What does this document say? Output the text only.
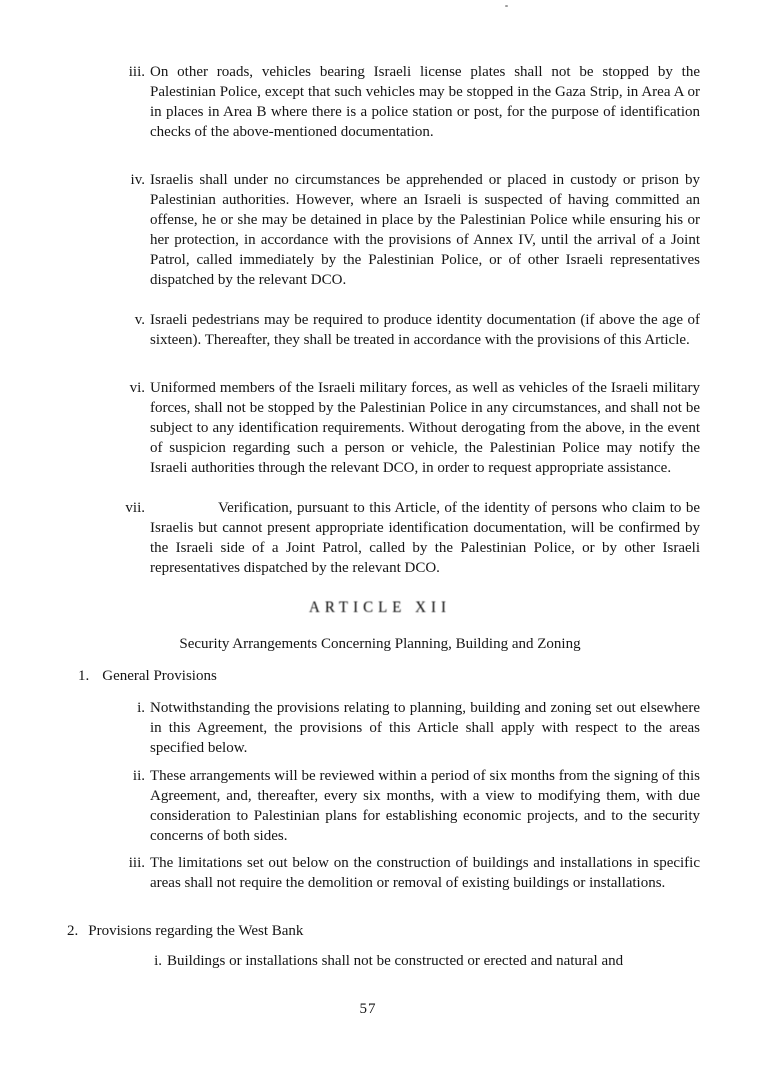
iii. On other roads, vehicles bearing Israeli license plates shall not be stopped by the Palestinian Police, except that such vehicles may be stopped in the Gaza Strip, in Area A or in places in Area B where there is a police station or post, for the purpose of identification checks of the above-mentioned documentation.

iv. Israelis shall under no circumstances be apprehended or placed in custody or prison by Palestinian authorities. However, where an Israeli is suspected of having committed an offense, he or she may be detained in place by the Palestinian Police while ensuring his or her protection, in accordance with the provisions of Annex IV, until the arrival of a Joint Patrol, called immediately by the Palestinian Police, or of other Israeli representatives dispatched by the relevant DCO.

v. Israeli pedestrians may be required to produce identity documentation (if above the age of sixteen). Thereafter, they shall be treated in accordance with the provisions of this Article.

vi. Uniformed members of the Israeli military forces, as well as vehicles of the Israeli military forces, shall not be stopped by the Palestinian Police in any circumstances, and shall not be subject to any identification requirements. Without derogating from the above, in the event of suspicion regarding such a person or vehicle, the Palestinian Police may notify the Israeli authorities through the relevant DCO, in order to request appropriate assistance.

vii.	Verification, pursuant to this Article, of the identity of persons who claim to be Israelis but cannot present appropriate identification documentation, will be confirmed by the Israeli side of a Joint Patrol, called by the Palestinian Police, or by other Israeli representatives dispatched by the relevant DCO.

ARTICLE XII
Security Arrangements Concerning Planning, Building and Zoning
1. General Provisions
i. Notwithstanding the provisions relating to planning, building and zoning set out elsewhere in this Agreement, the provisions of this Article shall apply with respect to the areas specified below.

ii. These arrangements will be reviewed within a period of six months from the signing of this Agreement, and, thereafter, every six months, with a view to modifying them, with due consideration to Palestinian plans for establishing economic projects, and to the security concerns of both sides.

iii. The limitations set out below on the construction of buildings and installations in specific areas shall not require the demolition or removal of existing buildings or installations.

2. Provisions regarding the West Bank
i. Buildings or installations shall not be constructed or erected and natural and

57
